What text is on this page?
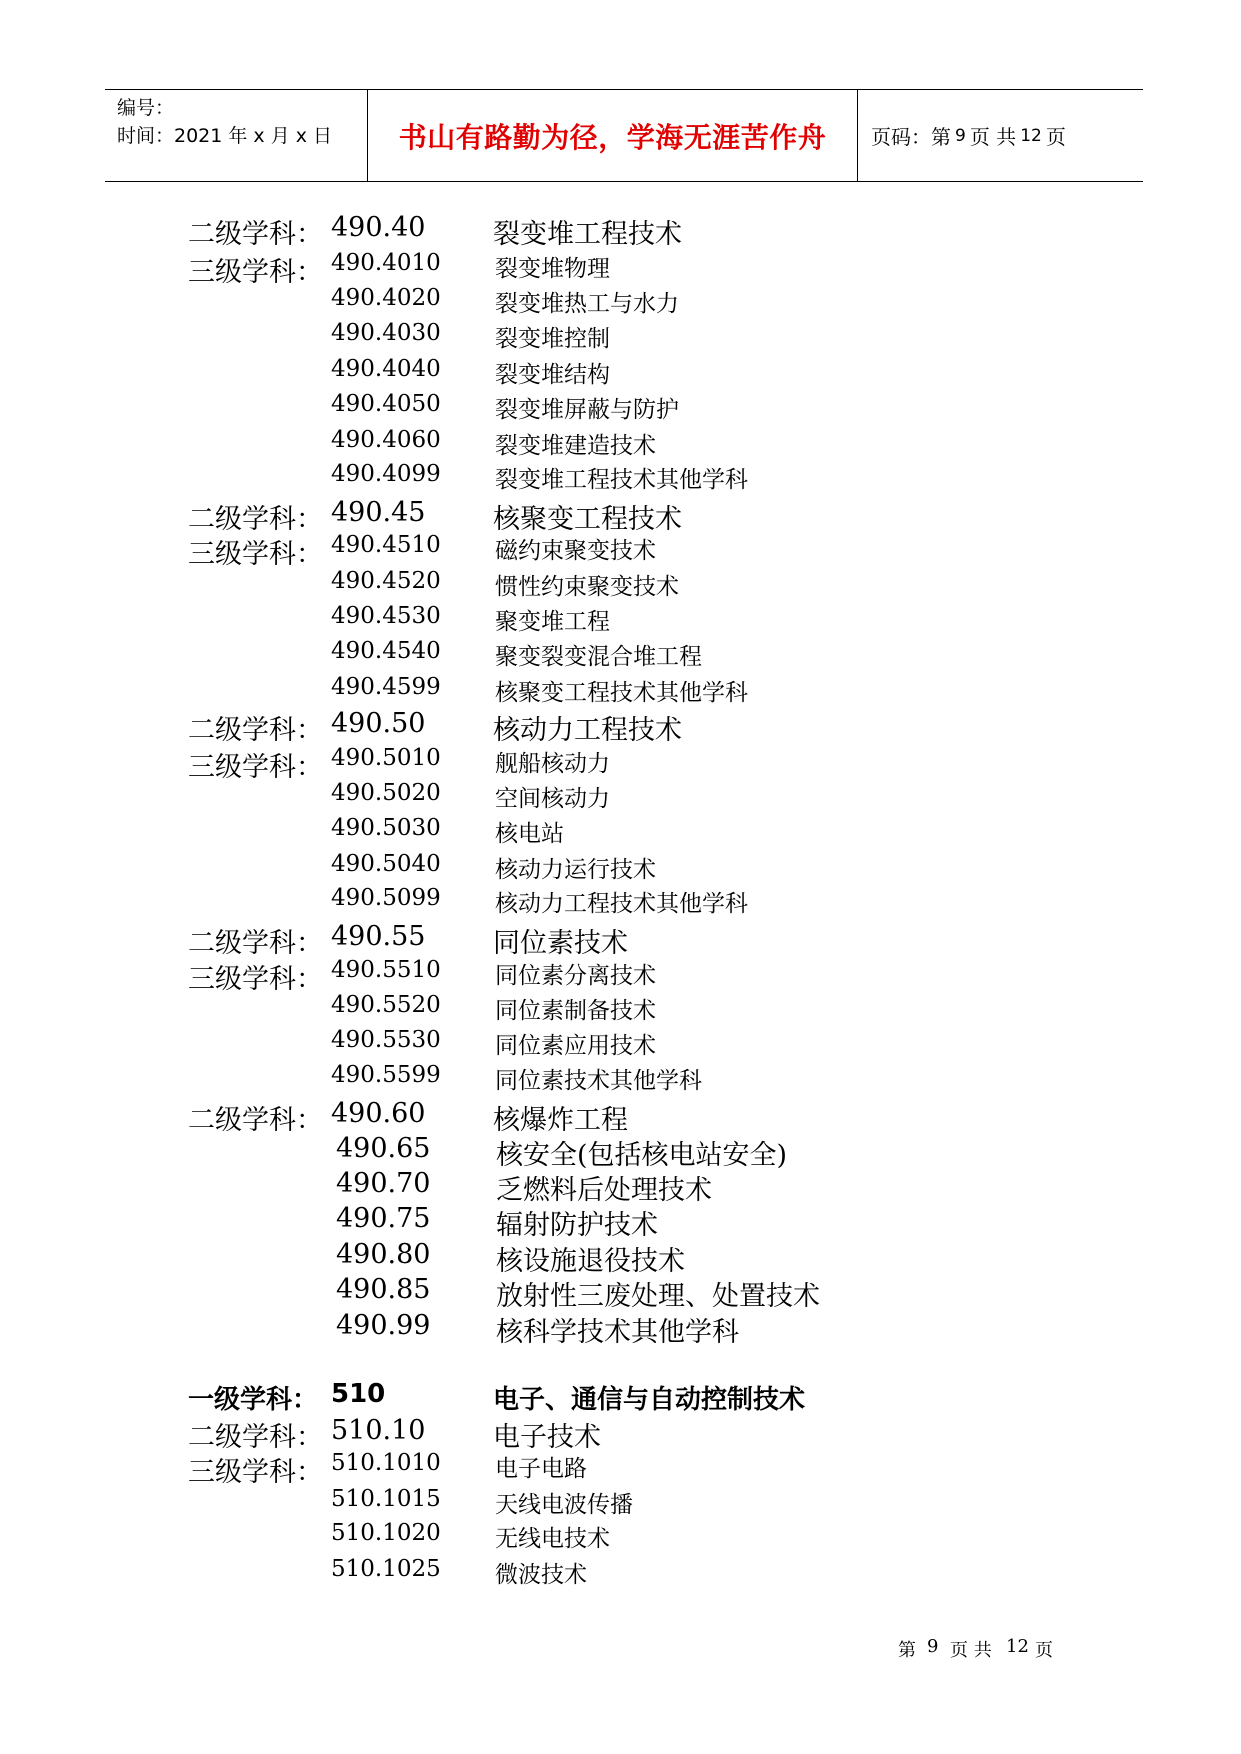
编号：
时间：2021 年 x 月 x 日	书山有路勤为径，学海无涯苦作舟	页码：第 9 页 共 12 页
二级学科： 490.40	裂变堆工程技术
三级学科： 490.4010 裂变堆物理
490.4020 裂变堆热工与水力
490.4030 裂变堆控制
490.4040 裂变堆结构
490.4050 裂变堆屏蔽与防护
490.4060 裂变堆建造技术
490.4099 裂变堆工程技术其他学科
二级学科： 490.45	核聚变工程技术
三级学科： 490.4510 磁约束聚变技术
490.4520 惯性约束聚变技术
490.4530 聚变堆工程
490.4540 聚变裂变混合堆工程
490.4599 核聚变工程技术其他学科
二级学科： 490.50	核动力工程技术
三级学科： 490.5010 舰船核动力
490.5020 空间核动力
490.5030 核电站
490.5040 核动力运行技术
490.5099 核动力工程技术其他学科
二级学科： 490.55	同位素技术
三级学科： 490.5510 同位素分离技术
490.5520 同位素制备技术
490.5530 同位素应用技术
490.5599 同位素技术其他学科
二级学科： 490.60	核爆炸工程
490.65 核安全(包括核电站安全)
490.70 乏燃料后处理技术
490.75 辐射防护技术
490.80 核设施退役技术
490.85 放射性三废处理、处置技术
490.99 核科学技术其他学科
一级学科： 510	电子、通信与自动控制技术
二级学科： 510.10	电子技术
三级学科： 510.1010 电子电路
510.1015 天线电波传播
510.1020 无线电技术
510.1025 微波技术
第 9 页 共 12 页
